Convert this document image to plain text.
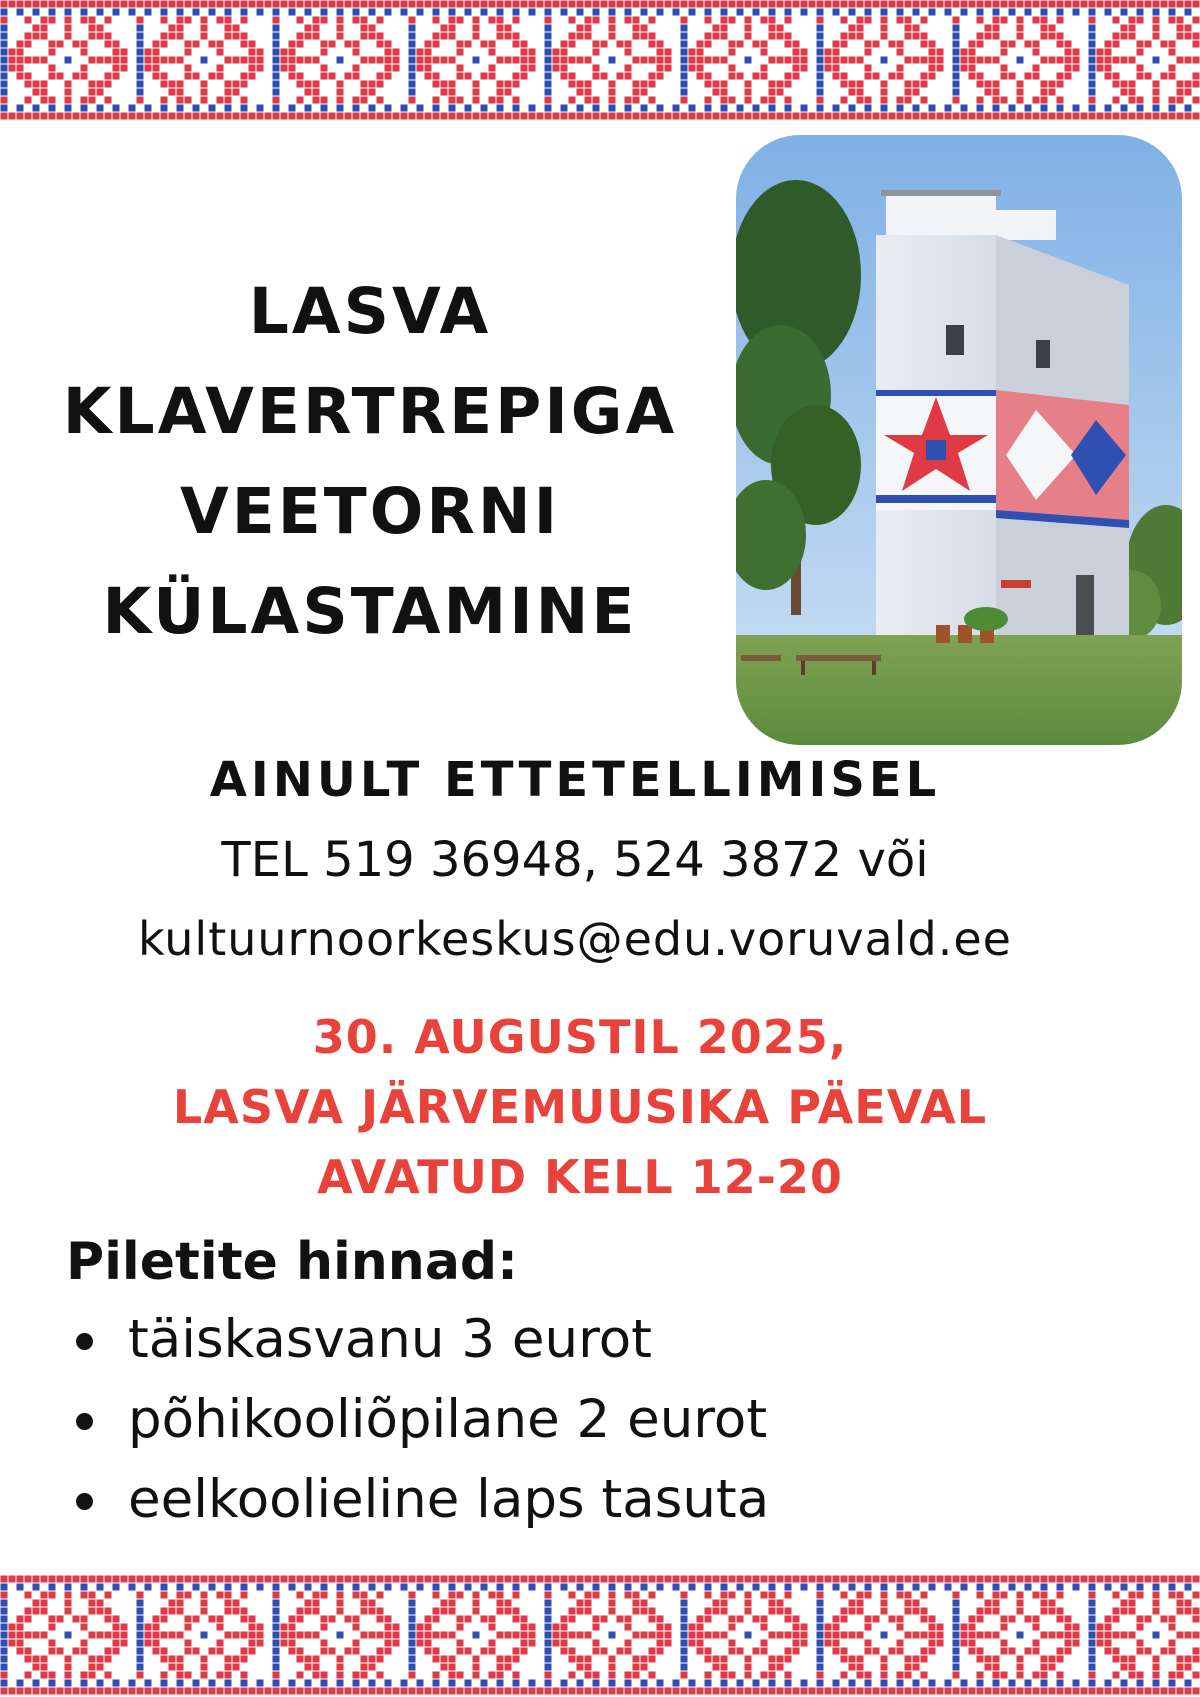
LASVA
KLAVERTREPIGA
VEETORNI
KÜLASTAMINE
AINULT ETTETELLIMISEL
TEL 519 36948, 524 3872 või
kultuurnoorkeskus@edu.voruvald.ee
30. AUGUSTIL 2025,
LASVA JÄRVEMUUSIKA PÄEVAL
AVATUD KELL 12-20
Piletite hinnad:
täiskasvanu 3 eurot
põhikooliõpilane 2 eurot
eelkoolieline laps tasuta
